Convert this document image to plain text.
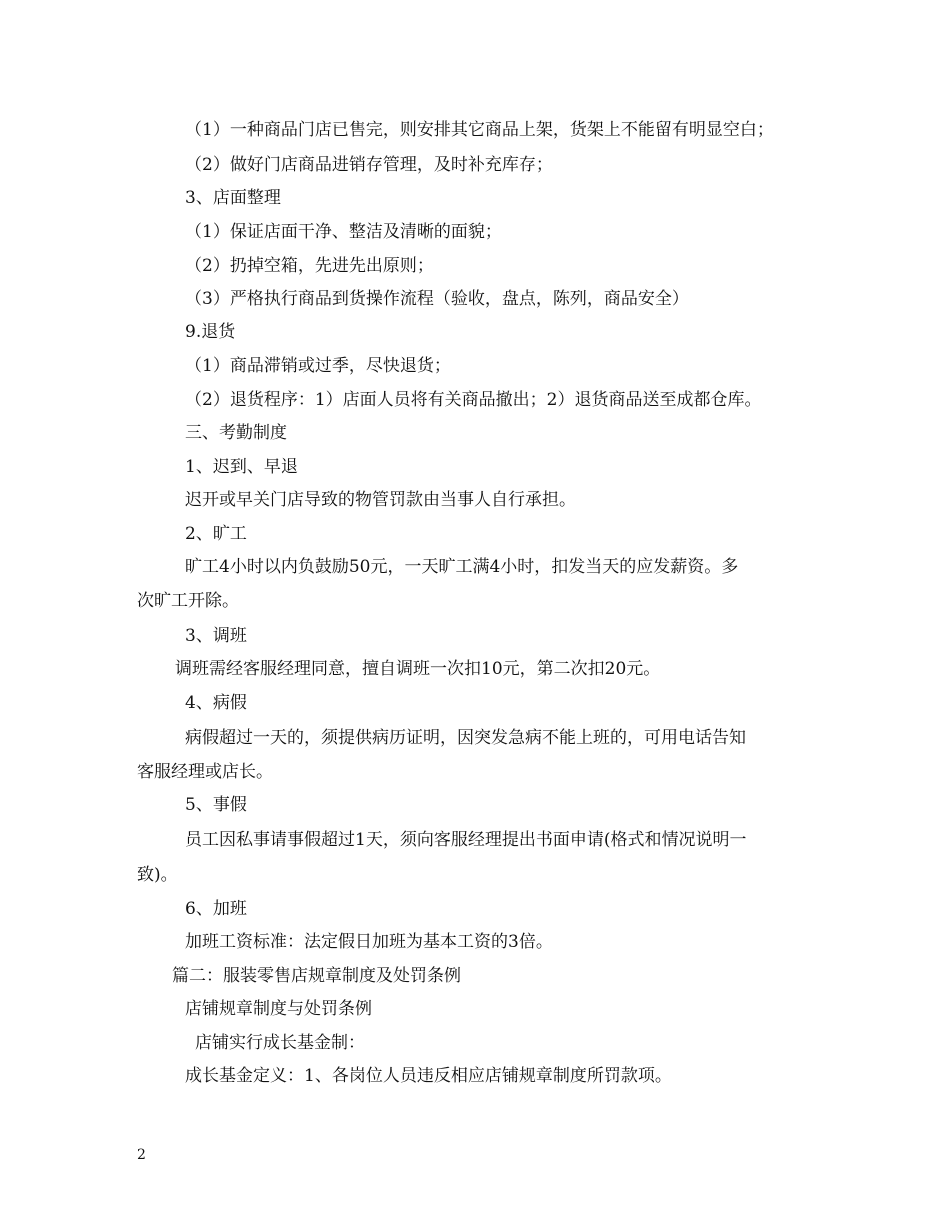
（1）一种商品门店已售完，则安排其它商品上架，货架上不能留有明显空白；
（2）做好门店商品进销存管理，及时补充库存；
3、店面整理
（1）保证店面干净、整洁及清晰的面貌；
（2）扔掉空箱，先进先出原则；
（3）严格执行商品到货操作流程（验收，盘点，陈列，商品安全）
9.退货
（1）商品滞销或过季，尽快退货；
（2）退货程序：1）店面人员将有关商品撤出；2）退货商品送至成都仓库。
三、考勤制度
1、迟到、早退
迟开或早关门店导致的物管罚款由当事人自行承担。
2、旷工
旷工4小时以内负鼓励50元，一天旷工满4小时，扣发当天的应发薪资。多
次旷工开除。
3、调班
调班需经客服经理同意，擅自调班一次扣10元，第二次扣20元。
4、病假
病假超过一天的，须提供病历证明，因突发急病不能上班的，可用电话告知
客服经理或店长。
5、事假
员工因私事请事假超过1天，须向客服经理提出书面申请(格式和情况说明一
致)。
6、加班
加班工资标准：法定假日加班为基本工资的3倍。
篇二：服装零售店规章制度及处罚条例
店铺规章制度与处罚条例
店铺实行成长基金制：
成长基金定义：1、各岗位人员违反相应店铺规章制度所罚款项。
2
